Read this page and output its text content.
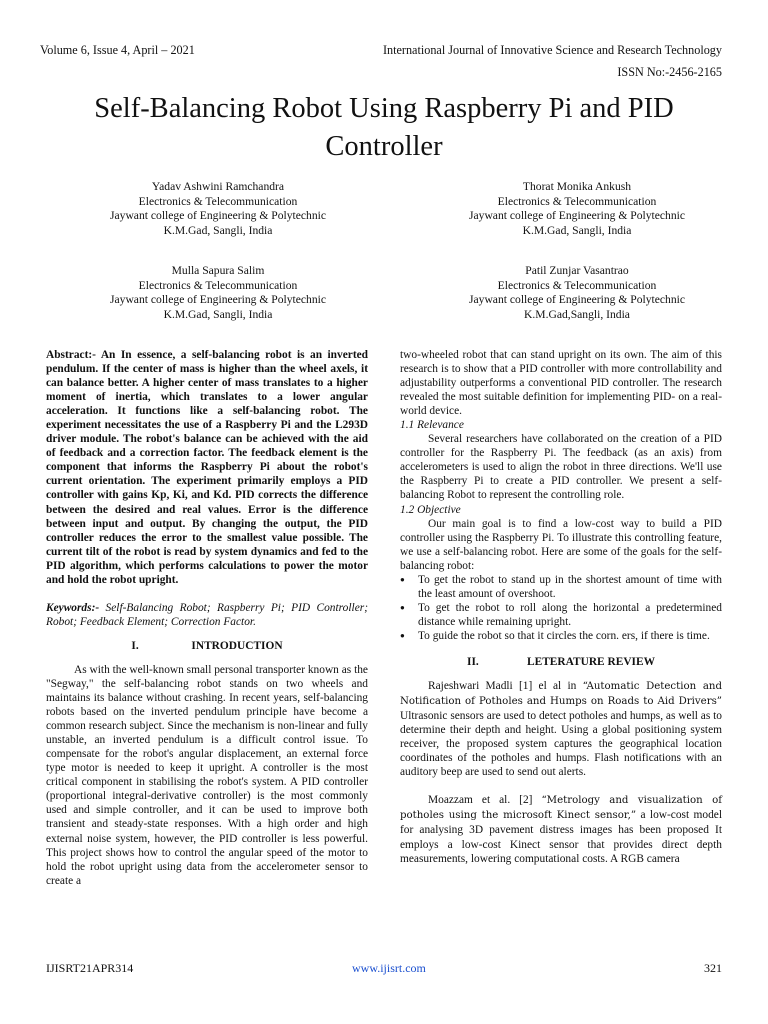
Volume 6, Issue 4, April – 2021	International Journal of Innovative Science and Research Technology
ISSN No:-2456-2165
Self-Balancing Robot Using Raspberry Pi and PID
Controller
Yadav Ashwini Ramchandra
Electronics & Telecommunication
Jaywant college of Engineering & Polytechnic
K.M.Gad, Sangli, India
Thorat Monika Ankush
Electronics & Telecommunication
Jaywant college of Engineering & Polytechnic
K.M.Gad, Sangli, India
Mulla Sapura Salim
Electronics & Telecommunication
Jaywant college of Engineering & Polytechnic
K.M.Gad, Sangli, India
Patil Zunjar Vasantrao
Electronics & Telecommunication
Jaywant college of Engineering & Polytechnic
K.M.Gad,Sangli, India

Abstract:- An In essence, a self-balancing robot is an inverted pendulum. If the center of mass is higher than the wheel axels, it can balance better. A higher center of mass translates to a higher moment of inertia, which translates to a lower angular acceleration. It functions like a self-balancing robot. The experiment necessitates the use of a Raspberry Pi and the L293D driver module. The robot's balance can be achieved with the aid of feedback and a correction factor. The feedback element is the component that informs the Raspberry Pi about the robot's current orientation. The experiment primarily employs a PID controller with gains Kp, Ki, and Kd. PID corrects the difference between the desired and real values. Error is the difference between input and output. By changing the output, the PID controller reduces the error to the smallest value possible. The current tilt of the robot is read by system dynamics and fed to the PID algorithm, which performs calculations to power the motor and hold the robot upright.

Keywords:- Self-Balancing Robot; Raspberry Pi; PID Controller; Robot; Feedback Element; Correction Factor.

I.	INTRODUCTION

As with the well-known small personal transporter known as the "Segway," the self-balancing robot stands on two wheels and maintains its balance without crashing. In recent years, self-balancing robots based on the inverted pendulum principle have become a common research subject. Since the mechanism is non-linear and fully unstable, an inverted pendulum is a difficult control issue. To compensate for the robot's angular displacement, an external force type motor is needed to keep it upright. A controller is the most critical component in stabilising the robot's system. A PID controller (proportional integral-derivative controller) is the most commonly used and simple controller, and it can be used to improve both transient and steady-state responses. With a high order and high external noise system, however, the PID controller is less powerful. This project shows how to control the angular speed of the motor to hold the robot upright using data from the accelerometer sensor to create a

two-wheeled robot that can stand upright on its own. The aim of this research is to show that a PID controller with more controllability and adjustability outperforms a conventional PID controller. The research revealed the most suitable definition for implementing PID- on a real-world device.

1.1 Relevance

Several researchers have collaborated on the creation of a PID controller for the Raspberry Pi. The feedback (as an axis) from accelerometers is used to align the robot in three directions. We'll use the Raspberry Pi to create a PID controller. We present a self-balancing Robot to represent the controlling role.

1.2 Objective

Our main goal is to find a low-cost way to build a PID controller using the Raspberry Pi. To illustrate this controlling feature, we use a self-balancing robot. Here are some of the goals for the self-balancing robot:

● To get the robot to stand up in the shortest amount of time with the least amount of overshoot.
● To get the robot to roll along the horizontal a predetermined distance while remaining upright.
● To guide the robot so that it circles the corn. ers, if there is time.
II.	LETERATURE REVIEW

Rajeshwari Madli [1] el al in “Automatic Detection and Notification of Potholes and Humps on Roads to Aid Drivers” Ultrasonic sensors are used to detect potholes and humps, as well as to determine their depth and height. Using a global positioning system receiver, the proposed system captures the geographical location coordinates of the potholes and humps. Flash notifications with an auditory beep are used to send out alerts.

Moazzam et al. [2] “Metrology and visualization of potholes using the microsoft Kinect sensor,” a low-cost model for analysing 3D pavement distress images has been proposed It employs a low-cost Kinect sensor that provides direct depth measurements, lowering computational costs. A RGB camera

IJISRT21APR314	www.ijisrt.com	321
